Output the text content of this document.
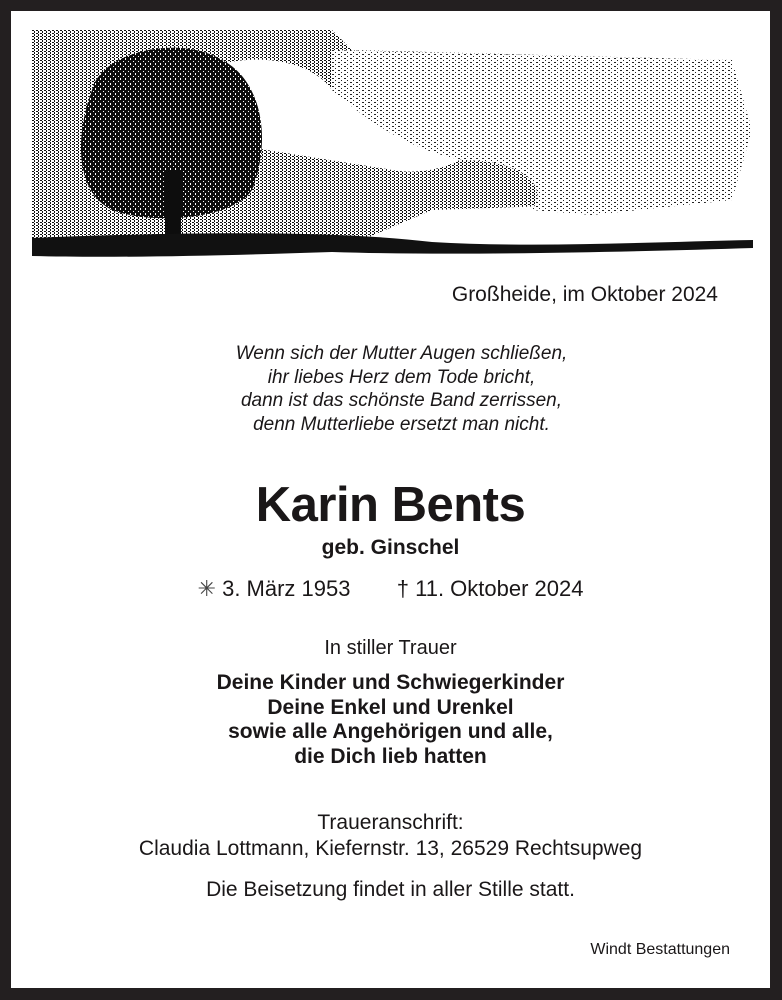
Großheide, im Oktober 2024
Wenn sich der Mutter Augen schließen,
ihr liebes Herz dem Tode bricht,
dann ist das schönste Band zerrissen,
denn Mutterliebe ersetzt man nicht.
Karin Bents
geb. Ginschel
✳ 3. März 1953 † 11. Oktober 2024
In stiller Trauer
Deine Kinder und Schwiegerkinder
Deine Enkel und Urenkel
sowie alle Angehörigen und alle,
die Dich lieb hatten
Traueranschrift:
Claudia Lottmann, Kiefernstr. 13, 26529 Rechtsupweg
Die Beisetzung findet in aller Stille statt.
Windt Bestattungen
